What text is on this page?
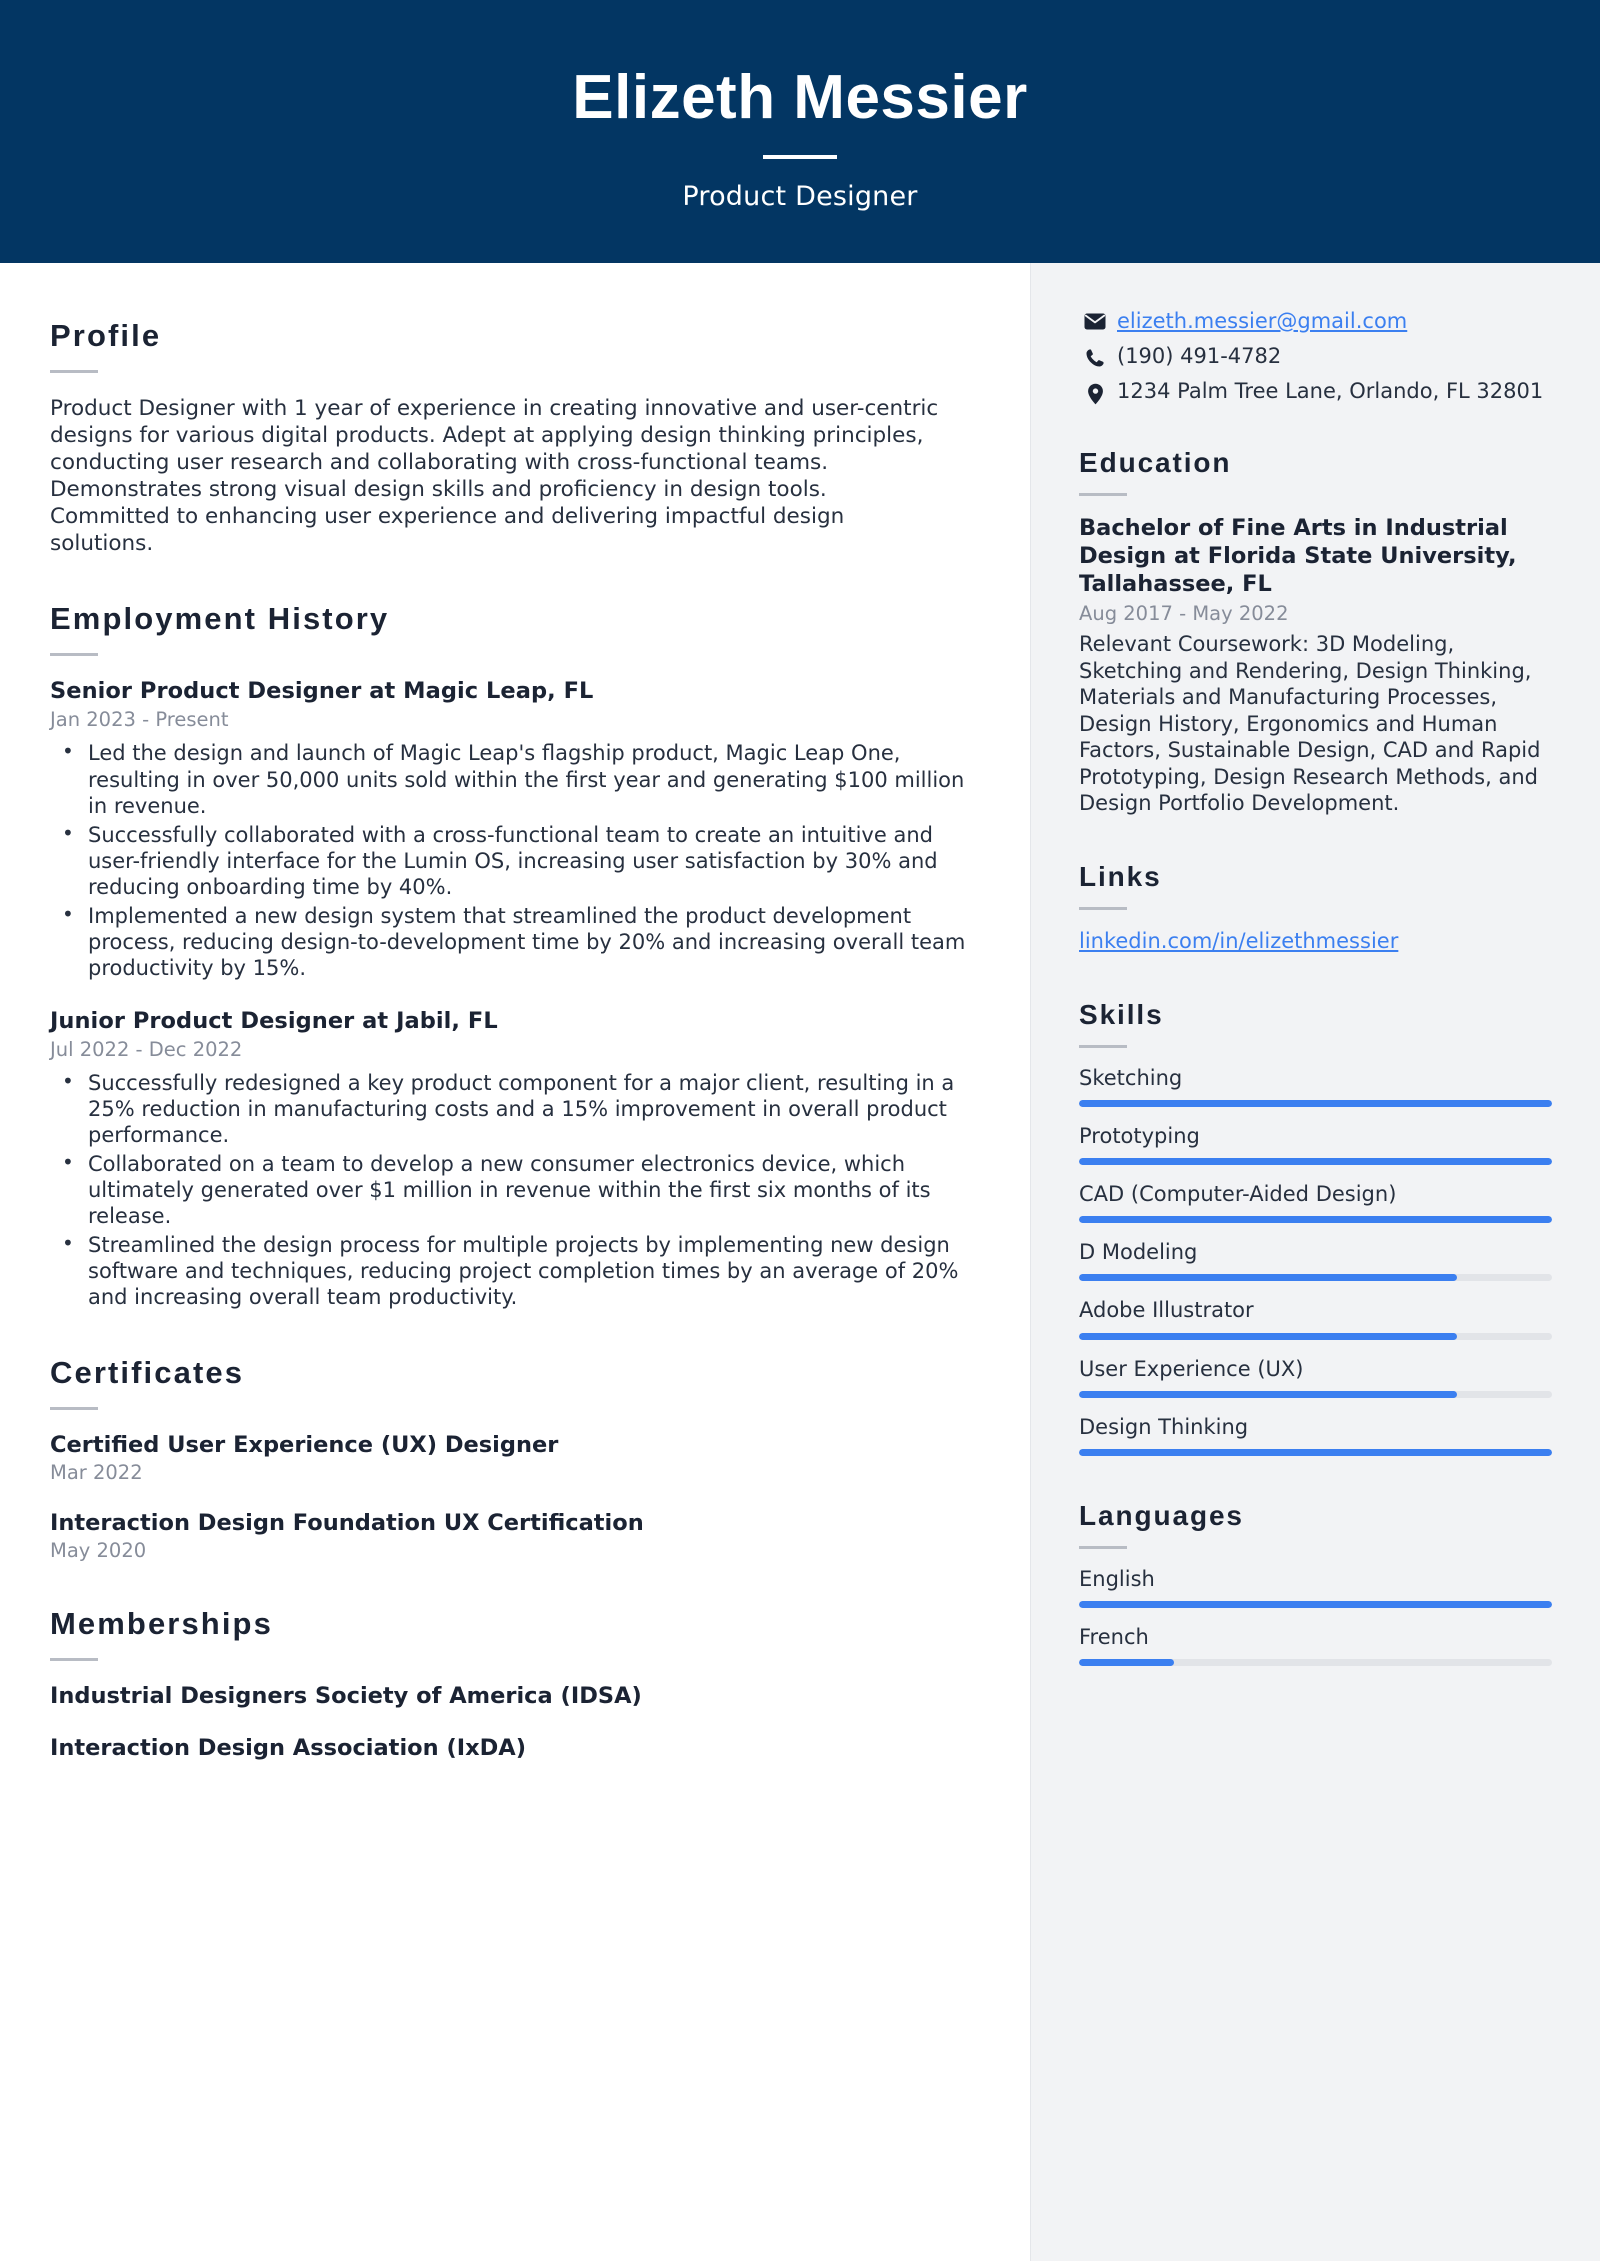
Elizeth Messier
Product Designer
Profile

Product Designer with 1 year of experience in creating innovative and user-centric designs for various digital products. Adept at applying design thinking principles, conducting user research and collaborating with cross-functional teams. Demonstrates strong visual design skills and proficiency in design tools. Committed to enhancing user experience and delivering impactful design solutions.

Employment History
Senior Product Designer at Magic Leap, FL
Jan 2023 - Present
• Led the design and launch of Magic Leap's flagship product, Magic Leap One, resulting in over 50,000 units sold within the first year and generating $100 million in revenue.
• Successfully collaborated with a cross-functional team to create an intuitive and user-friendly interface for the Lumin OS, increasing user satisfaction by 30% and reducing onboarding time by 40%.
• Implemented a new design system that streamlined the product development process, reducing design-to-development time by 20% and increasing overall team productivity by 15%.
Junior Product Designer at Jabil, FL
Jul 2022 - Dec 2022
• Successfully redesigned a key product component for a major client, resulting in a 25% reduction in manufacturing costs and a 15% improvement in overall product performance.
• Collaborated on a team to develop a new consumer electronics device, which ultimately generated over $1 million in revenue within the first six months of its release.
• Streamlined the design process for multiple projects by implementing new design software and techniques, reducing project completion times by an average of 20% and increasing overall team productivity.
Certificates
Certified User Experience (UX) Designer
Mar 2022
Interaction Design Foundation UX Certification
May 2020
Memberships
Industrial Designers Society of America (IDSA)
Interaction Design Association (IxDA)
elizeth.messier@gmail.com
(190) 491-4782
1234 Palm Tree Lane, Orlando, FL 32801
Education
Bachelor of Fine Arts in Industrial Design at Florida State University, Tallahassee, FL
Aug 2017 - May 2022

Relevant Coursework: 3D Modeling, Sketching and Rendering, Design Thinking, Materials and Manufacturing Processes, Design History, Ergonomics and Human Factors, Sustainable Design, CAD and Rapid Prototyping, Design Research Methods, and Design Portfolio Development.

Links
linkedin.com/in/elizethmessier
Skills
Sketching
Prototyping
CAD (Computer-Aided Design)
D Modeling
Adobe Illustrator
User Experience (UX)
Design Thinking
Languages
English
French
